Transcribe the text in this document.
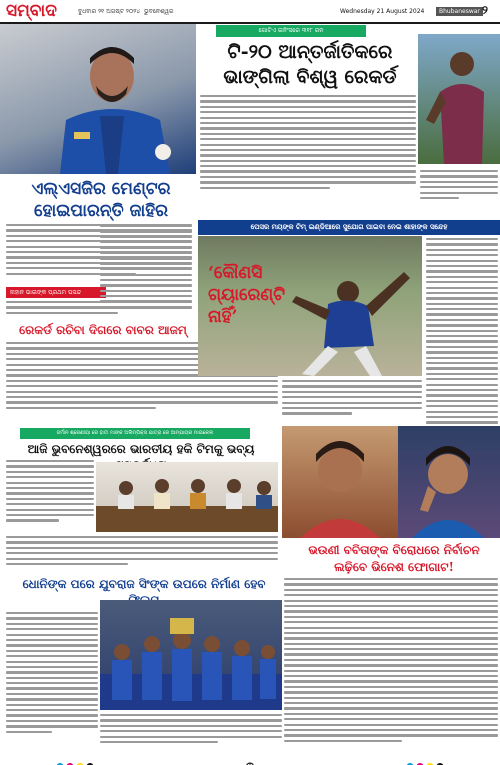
ସମ୍ବାଦ	ବୁଧବାର ୨୧ ଅଗଷ୍ଟ ୨୦୨୪ ଭୁବନେଶ୍ୱର	Wednesday 21 August 2024	Bhubaneswar ୨
ଏଲ୍ଏସଜିର ମେଣ୍ଟର ହୋଇପାରନ୍ତି ଜାହିର
ନାହାନ ଭାଇଙ୍କ ପ୍ରଥମ ପସନ୍ଦ
ରେକର୍ଡ ରଚିବା ଦିଗରେ ବାବର ଆଜମ୍
ଗୋଟିଏ ଇନିଂସରେ ୩୧୮ ରନ
ଟି-୨୦ ଆନ୍ତର୍ଜାତିକରେ ଭାଙ୍ଗିଲା ବିଶ୍ୱ ରେକର୍ଡ
ପେସର ମୟଙ୍କ ଟିମ୍ ଇଣ୍ଡିଆରେ ସୁଯୋଗ ପାଇବା ନେଇ ଶାହାଙ୍କ ସନ୍ଦେହ
‘କୌଣସି ଗ୍ୟାରେଣ୍ଟି ନାହିଁ’
ଜର୍ମାନ ଶ୍ରେଣୀୟା ରେ ହାତୀ ମାଙ୍କ ଅଲିମ୍ପିକ୍ସ ଯାତ୍ରା ରେ ଆମ୍ପାୟର ମାଇକେଲ
ଆଜି ଭୁବନେଶ୍ୱରରେ ଭାରତୀୟ ହକି ଟିମକୁ ଭବ୍ୟ
ଭଉଣୀ ବବିତାଙ୍କ ବିରୋଧରେ ନିର୍ବାଚନ ଲଢ଼ିବେ ଭିନେଶ ଫୋଗାଟ!
ଧୋନିଙ୍କ ପରେ ଯୁବରାଜ ସିଂଙ୍କ ଉପରେ ନିର୍ମାଣ ହେବ
